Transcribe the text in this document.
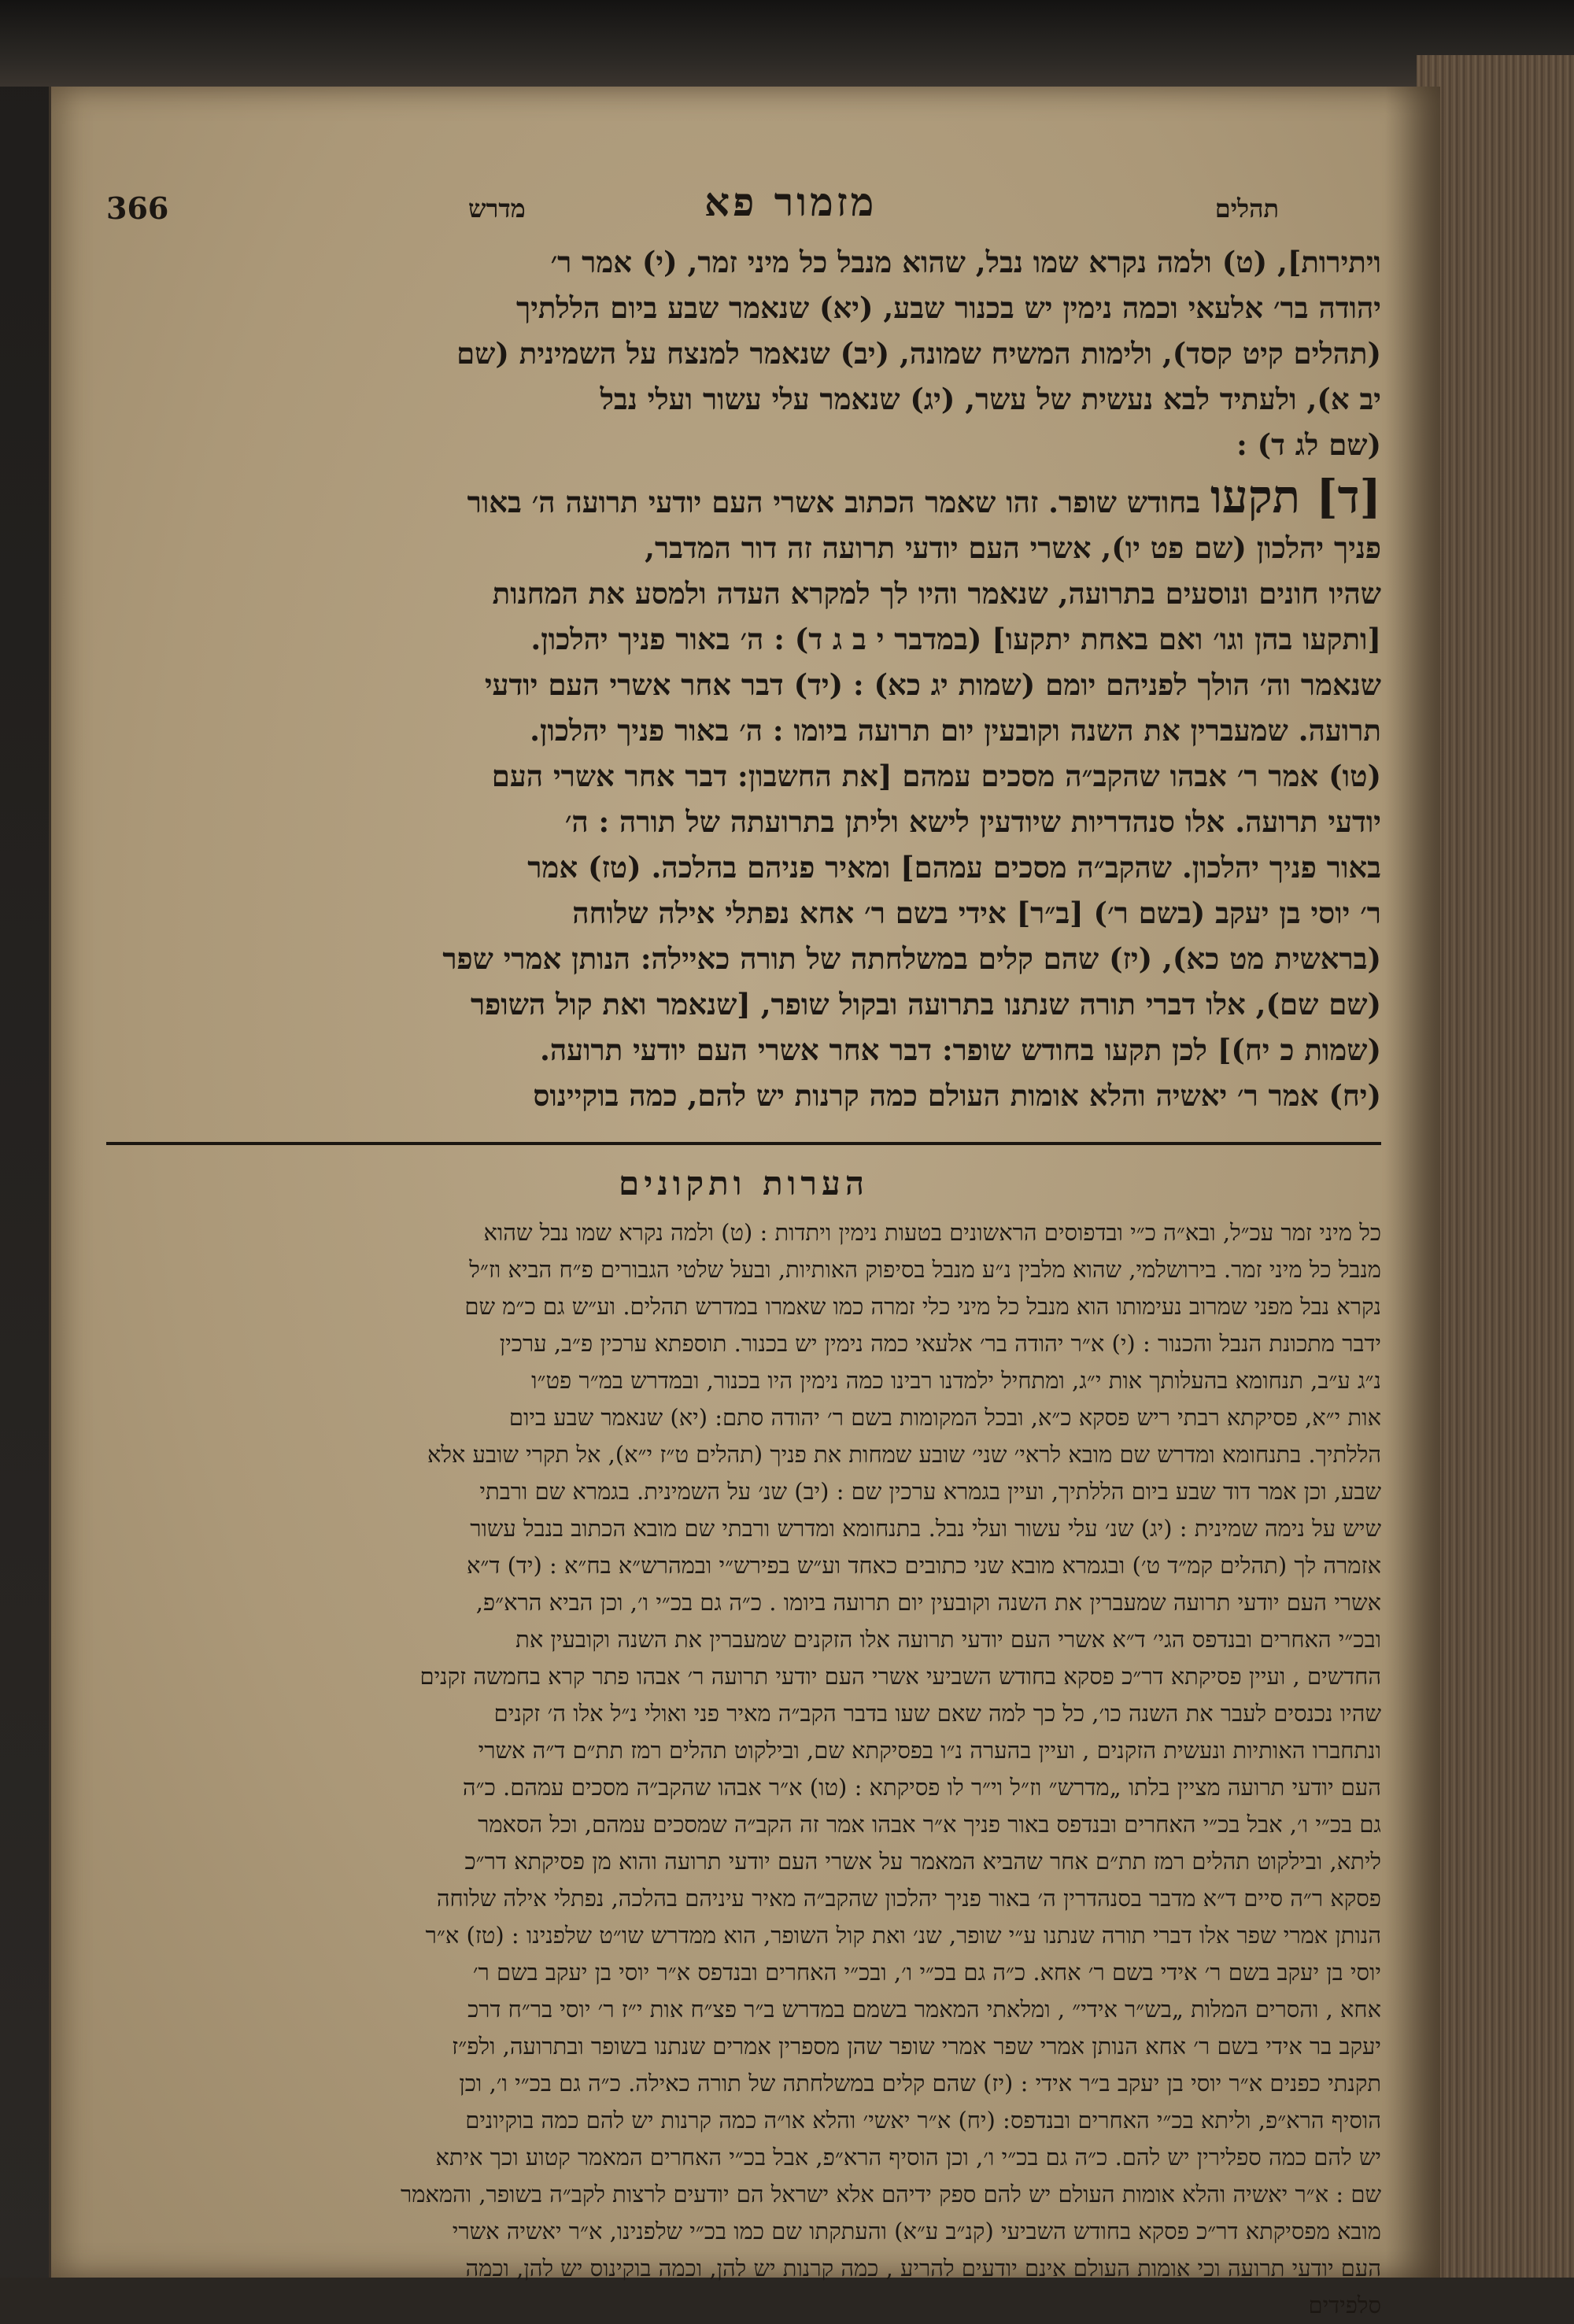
366	מדרש	מזמור פא	תהלים

ויתירות], (ט) ולמה נקרא שמו נבל, שהוא מנבל כל מיני זמר, (י) אמר ר׳
יהודה בר׳ אלעאי וכמה נימין יש בכנור שבע, (יא) שנאמר שבע ביום הללתיך
(תהלים קיט קסד), ולימות המשיח שמונה, (יב) שנאמר למנצח על השמינית (שם
יב א), ולעתיד לבא נעשית של עשר, (יג) שנאמר עלי עשור ועלי נבל
(שם לג ד) :

[ד] תקעו בחודש שופר. זהו שאמר הכתוב אשרי העם יודעי תרועה ה׳ באור
פניך יהלכון (שם פט יו), אשרי העם יודעי תרועה זה דור המדבר,
שהיו חונים ונוסעים בתרועה, שנאמר והיו לך למקרא העדה ולמסע את המחנות
[ותקעו בהן וגו׳ ואם באחת יתקעו] (במדבר י ב ג ד) : ה׳ באור פניך יהלכון.
שנאמר וה׳ הולך לפניהם יומם (שמות יג כא) : (יד) דבר אחר אשרי העם יודעי
תרועה. שמעברין את השנה וקובעין יום תרועה ביומו : ה׳ באור פניך יהלכון.
(טו) אמר ר׳ אבהו שהקב״ה מסכים עמהם [את החשבון: דבר אחר אשרי העם
יודעי תרועה. אלו סנהדריות שיודעין לישא וליתן בתרועתה של תורה : ה׳
באור פניך יהלכון. שהקב״ה מסכים עמהם] ומאיר פניהם בהלכה. (טז) אמר
ר׳ יוסי בן יעקב (בשם ר׳) [ב״ר] אידי בשם ר׳ אחא נפתלי אילה שלוחה
(בראשית מט כא), (יז) שהם קלים במשלחתה של תורה כאיילה: הנותן אמרי שפר
(שם שם), אלו דברי תורה שנתנו בתרועה ובקול שופר, [שנאמר ואת קול השופר
(שמות כ יח)] לכן תקעו בחודש שופר: דבר אחר אשרי העם יודעי תרועה.
(יח) אמר ר׳ יאשיה והלא אומות העולם כמה קרנות יש להם, כמה בוקיינוס

הערות ותקונים

כל מיני זמר עכ״ל, ובא״ה כ״י ובדפוסים הראשונים בטעות נימין ויתדות : (ט) ולמה נקרא שמו נבל שהוא
מנבל כל מיני זמר. בירושלמי, שהוא מלבין נ״ע מנבל בסיפוק האותיות, ובעל שלטי הגבורים פ״ח הביא וז״ל
נקרא נבל מפני שמרוב נעימותו הוא מנבל כל מיני כלי זמרה כמו שאמרו במדרש תהלים. וע״ש גם כ״מ שם
ידבר מתכונת הנבל והכנור : (י) א״ר יהודה בר׳ אלעאי כמה נימין יש בכנור. תוספתא ערכין פ״ב, ערכין
נ״ג ע״ב, תנחומא בהעלותך אות י״ג, ומתחיל ילמדנו רבינו כמה נימין היו בכנור, ובמדרש במ״ר פט״ו
אות י״א, פסיקתא רבתי ריש פסקא כ״א, ובכל המקומות בשם ר׳ יהודה סתם: (יא) שנאמר שבע ביום
הללתיך. בתנחומא ומדרש שם מובא לראי׳ שני׳ שובע שמחות את פניך (תהלים ט״ז י״א), אל תקרי שובע אלא
שבע, וכן אמר דוד שבע ביום הללתיך, ועיין בגמרא ערכין שם : (יב) שנ׳ על השמינית. בגמרא שם ורבתי
שיש על נימה שמינית : (יג) שנ׳ עלי עשור ועלי נבל. בתנחומא ומדרש ורבתי שם מובא הכתוב בנבל עשור
אזמרה לך (תהלים קמ״ד ט׳) ובגמרא מובא שני כתובים כאחד וע״ש בפירש״י ובמהרש״א בח״א : (יד) ד״א
אשרי העם יודעי תרועה שמעברין את השנה וקובעין יום תרועה ביומו . כ״ה גם בכ״י ו׳, וכן הביא הרא״פ,
ובכ״י האחרים ובנדפס הגי׳ ד״א אשרי העם יודעי תרועה אלו הזקנים שמעברין את השנה וקובעין את
החדשים , ועיין פסיקתא דר״כ פסקא בחודש השביעי אשרי העם יודעי תרועה ר׳ אבהו פתר קרא בחמשה זקנים
שהיו נכנסים לעבר את השנה כו׳, כל כך למה שאם שעו בדבר הקב״ה מאיר פני ואולי נ״ל אלו ה׳ זקנים
ונתחברו האותיות ונעשית הזקנים , ועיין בהערה נ״ו בפסיקתא שם, ובילקוט תהלים רמז תת״ם ד״ה אשרי
העם יודעי תרועה מציין בלתו „מדרש״ וז״ל וי״ר לו פסיקתא : (טו) א״ר אבהו שהקב״ה מסכים עמהם. כ״ה
גם בכ״י ו׳, אבל בכ״י האחרים ובנדפס באור פניך א״ר אבהו אמר זה הקב״ה שמסכים עמהם, וכל הסאמר
ליתא, ובילקוט תהלים רמז תת״ם אחר שהביא המאמר על אשרי העם יודעי תרועה והוא מן פסיקתא דר״כ
פסקא ר״ה סיים ד״א מדבר בסנהדרין ה׳ באור פניך יהלכון שהקב״ה מאיר עיניהם בהלכה, נפתלי אילה שלוחה
הנותן אמרי שפר אלו דברי תורה שנתנו ע״י שופר, שנ׳ ואת קול השופר, הוא ממדרש שו״ט שלפנינו : (טז) א״ר
יוסי בן יעקב בשם ר׳ אידי בשם ר׳ אחא. כ״ה גם בכ״י ו׳, ובכ״י האחרים ובנדפס א״ר יוסי בן יעקב בשם ר׳
אחא , והסרים המלות „בש״ר אידי״ , ומלאתי המאמר בשמם במדרש ב״ר פצ״ח אות י״ז ר׳ יוסי בר״ח דרכ
יעקב בר אידי בשם ר׳ אחא הנותן אמרי שפר אמרי שופר שהן מספרין אמרים שנתנו בשופר ובתרועה, ולפ״ז
תקנתי כפנים א״ר יוסי בן יעקב ב״ר אידי : (יז) שהם קלים במשלחתה של תורה כאילה. כ״ה גם בכ״י ו׳, וכן
הוסיף הרא״פ, וליתא בכ״י האחרים ובנדפס: (יח) א״ר יאשי׳ והלא או״ה כמה קרנות יש להם כמה בוקיונים
יש להם כמה ספלירין יש להם. כ״ה גם בכ״י ו׳, וכן הוסיף הרא״פ, אבל בכ״י האחרים המאמר קטוע וכך איתא
שם : א״ר יאשיה והלא אומות העולם יש להם ספק ידיהם אלא ישראל הם יודעים לרצות לקב״ה בשופר, והמאמר
מובא מפסיקתא דר״כ פסקא בחודש השביעי (קנ״ב ע״א) והעתקתו שם כמו בכ״י שלפנינו, א״ר יאשיה אשרי
העם יודעי תרועה וכי אומות העולם אינם יודעים להריע , כמה קרנות יש להן, וכמה בוקינוס יש להן, וכמה
סלפידים
